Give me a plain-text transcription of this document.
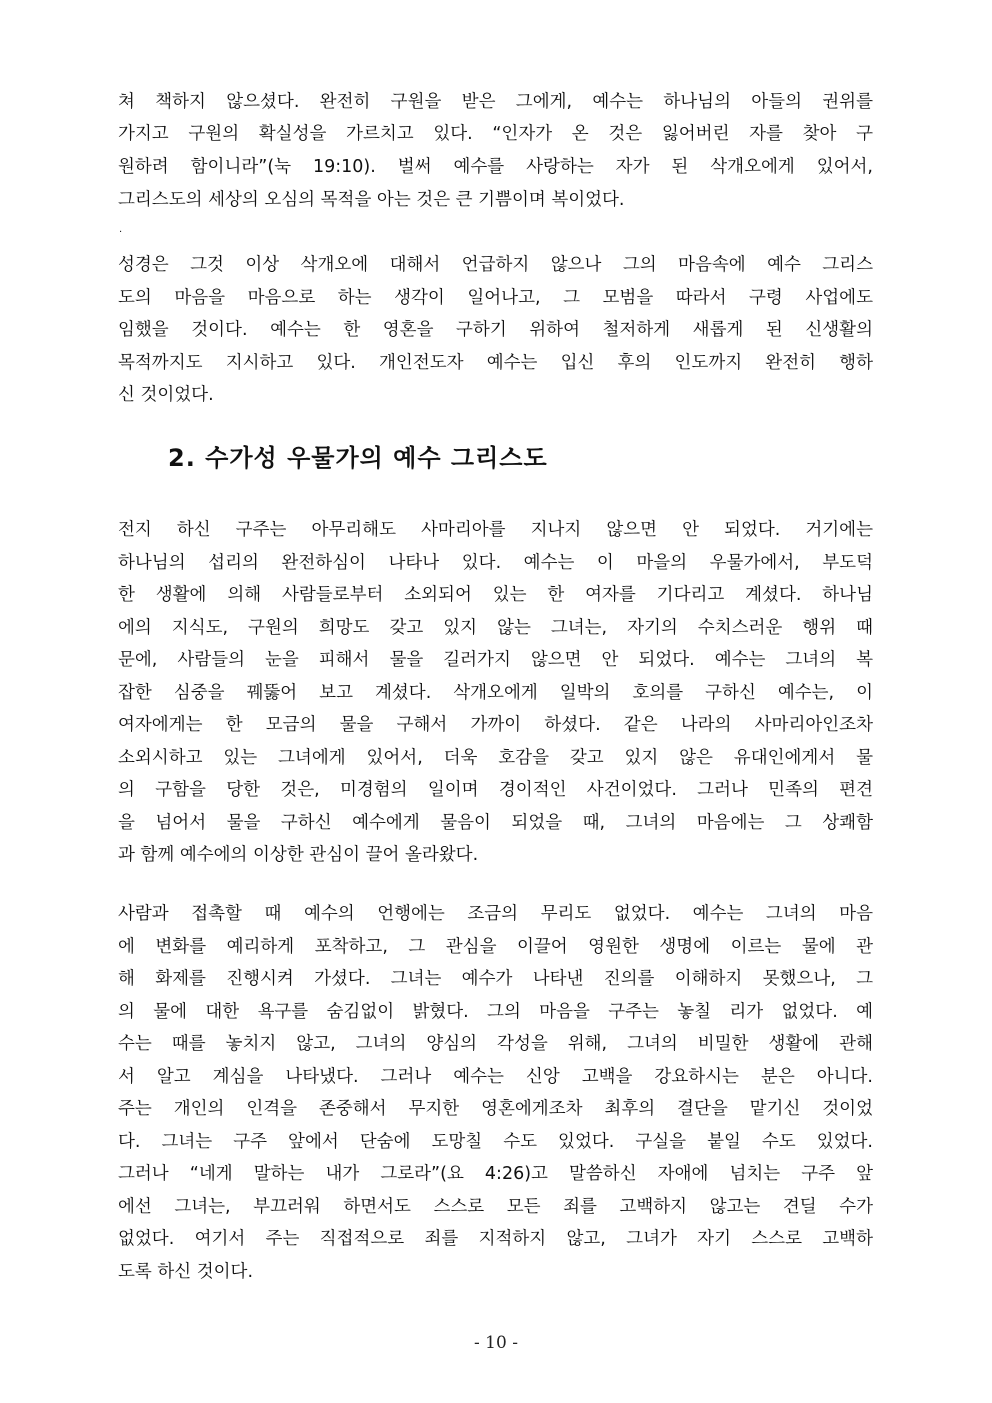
쳐 책하지 않으셨다. 완전히 구원을 받은 그에게, 예수는 하나님의 아들의 권위를
가지고 구원의 확실성을 가르치고 있다. “인자가 온 것은 잃어버린 자를 찾아 구
원하려 함이니라”(눅 19:10). 벌써 예수를 사랑하는 자가 된 삭개오에게 있어서,
그리스도의 세상의 오심의 목적을 아는 것은 큰 기쁨이며 복이었다.
·
성경은 그것 이상 삭개오에 대해서 언급하지 않으나 그의 마음속에 예수 그리스
도의 마음을 마음으로 하는 생각이 일어나고, 그 모범을 따라서 구령 사업에도
임했을 것이다. 예수는 한 영혼을 구하기 위하여 철저하게 새롭게 된 신생활의
목적까지도 지시하고 있다. 개인전도자 예수는 입신 후의 인도까지 완전히 행하
신 것이었다.
2. 수가성 우물가의 예수 그리스도
전지 하신 구주는 아무리해도 사마리아를 지나지 않으면 안 되었다. 거기에는
하나님의 섭리의 완전하심이 나타나 있다. 예수는 이 마을의 우물가에서, 부도덕
한 생활에 의해 사람들로부터 소외되어 있는 한 여자를 기다리고 계셨다. 하나님
에의 지식도, 구원의 희망도 갖고 있지 않는 그녀는, 자기의 수치스러운 행위 때
문에, 사람들의 눈을 피해서 물을 길러가지 않으면 안 되었다. 예수는 그녀의 복
잡한 심중을 꿰뚫어 보고 계셨다. 삭개오에게 일박의 호의를 구하신 예수는, 이
여자에게는 한 모금의 물을 구해서 가까이 하셨다. 같은 나라의 사마리아인조차
소외시하고 있는 그녀에게 있어서, 더욱 호감을 갖고 있지 않은 유대인에게서 물
의 구함을 당한 것은, 미경험의 일이며 경이적인 사건이었다. 그러나 민족의 편견
을 넘어서 물을 구하신 예수에게 물음이 되었을 때, 그녀의 마음에는 그 상쾌함
과 함께 예수에의 이상한 관심이 끌어 올라왔다.
사람과 접촉할 때 예수의 언행에는 조금의 무리도 없었다. 예수는 그녀의 마음
에 변화를 예리하게 포착하고, 그 관심을 이끌어 영원한 생명에 이르는 물에 관
해 화제를 진행시켜 가셨다. 그녀는 예수가 나타낸 진의를 이해하지 못했으나, 그
의 물에 대한 욕구를 숨김없이 밝혔다. 그의 마음을 구주는 놓칠 리가 없었다. 예
수는 때를 놓치지 않고, 그녀의 양심의 각성을 위해, 그녀의 비밀한 생활에 관해
서 알고 계심을 나타냈다. 그러나 예수는 신앙 고백을 강요하시는 분은 아니다.
주는 개인의 인격을 존중해서 무지한 영혼에게조차 최후의 결단을 맡기신 것이었
다. 그녀는 구주 앞에서 단숨에 도망칠 수도 있었다. 구실을 붙일 수도 있었다.
그러나 “네게 말하는 내가 그로라”(요 4:26)고 말씀하신 자애에 넘치는 구주 앞
에선 그녀는, 부끄러워 하면서도 스스로 모든 죄를 고백하지 않고는 견딜 수가
없었다. 여기서 주는 직접적으로 죄를 지적하지 않고, 그녀가 자기 스스로 고백하
도록 하신 것이다.
- 10 -
